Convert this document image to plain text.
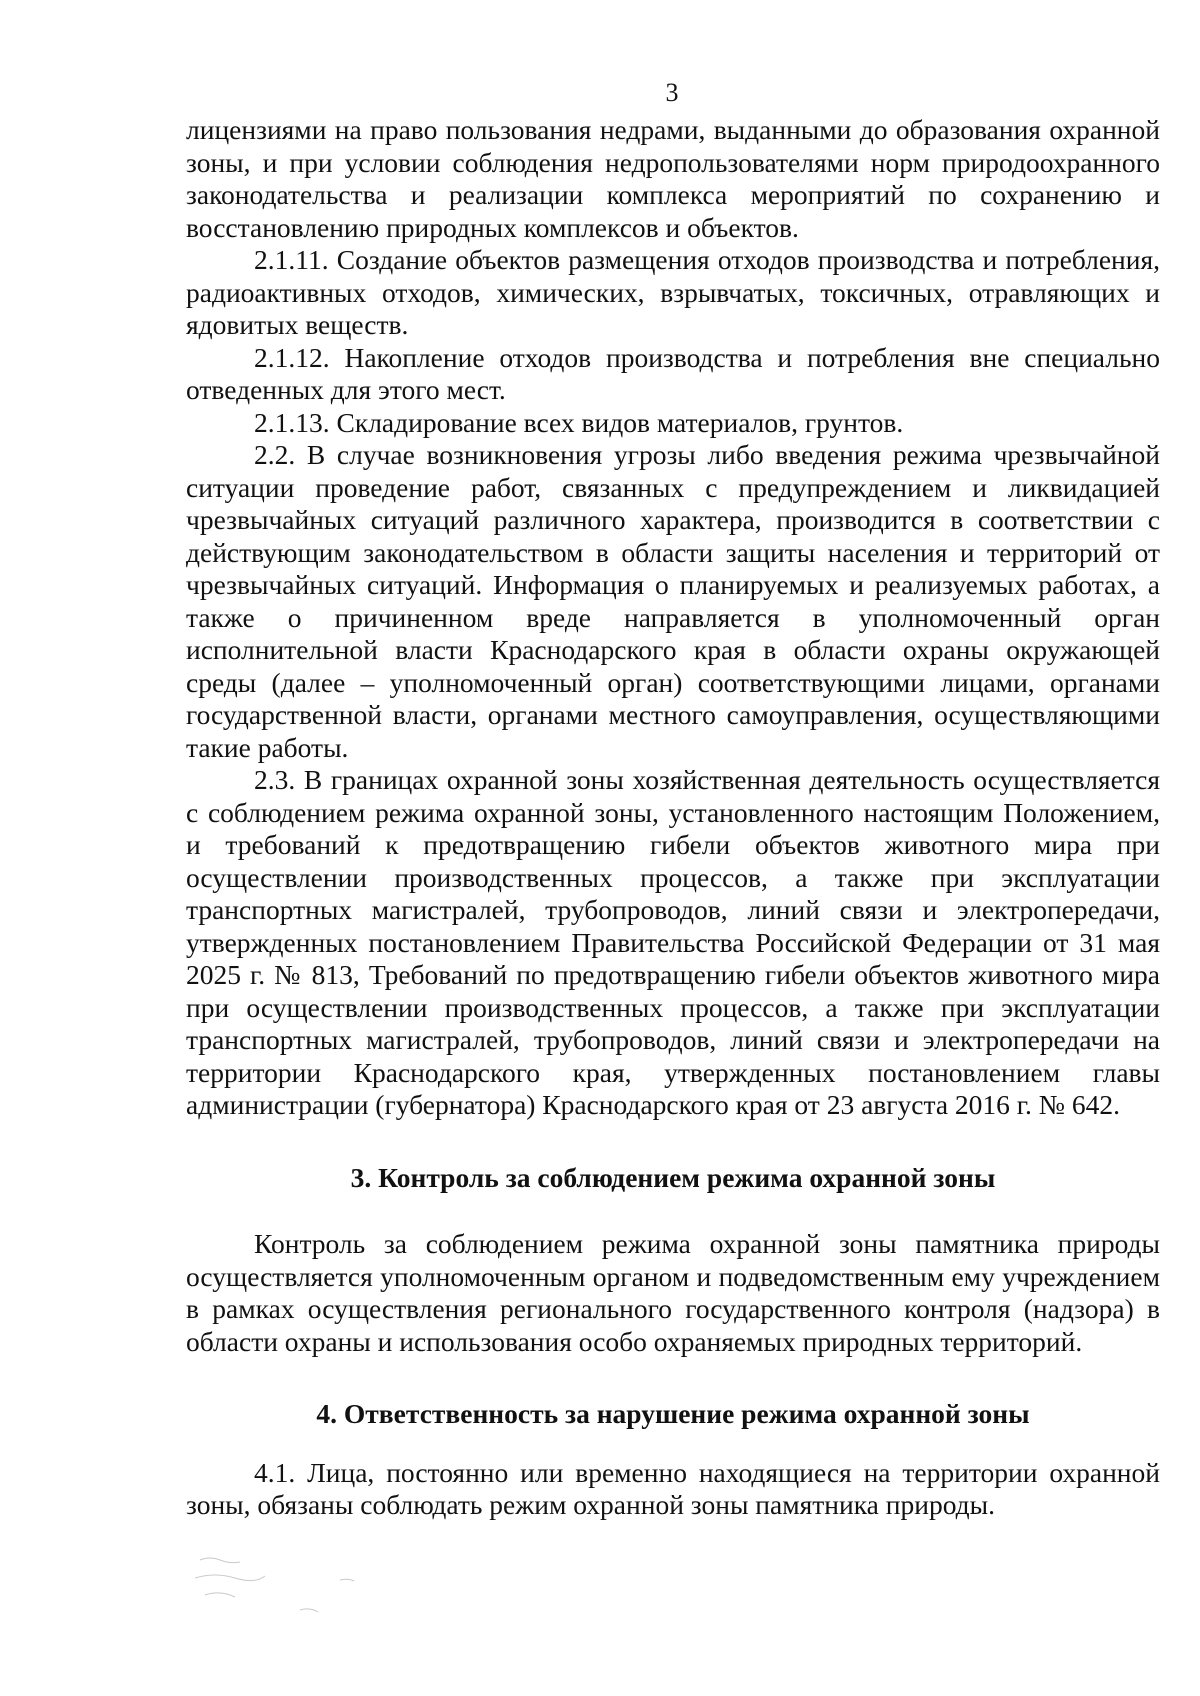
3

лицензиями на право пользования недрами, выданными до образования охранной зоны, и при условии соблюдения недропользователями норм природоохранного законодательства и реализации комплекса мероприятий по сохранению и восстановлению природных комплексов и объектов.

2.1.11. Создание объектов размещения отходов производства и потребления, радиоактивных отходов, химических, взрывчатых, токсичных, отравляющих и ядовитых веществ.

2.1.12. Накопление отходов производства и потребления вне специально отведенных для этого мест.

2.1.13. Складирование всех видов материалов, грунтов.

2.2. В случае возникновения угрозы либо введения режима чрезвычайной ситуации проведение работ, связанных с предупреждением и ликвидацией чрезвычайных ситуаций различного характера, производится в соответствии с действующим законодательством в области защиты населения и территорий от чрезвычайных ситуаций. Информация о планируемых и реализуемых работах, а также о причиненном вреде направляется в уполномоченный орган исполнительной власти Краснодарского края в области охраны окружающей среды (далее – уполномоченный орган) соответствующими лицами, органами государственной власти, органами местного самоуправления, осуществляющими такие работы.

2.3. В границах охранной зоны хозяйственная деятельность осуществляется с соблюдением режима охранной зоны, установленного настоящим Положением, и требований к предотвращению гибели объектов животного мира при осуществлении производственных процессов, а также при эксплуатации транспортных магистралей, трубопроводов, линий связи и электропередачи, утвержденных постановлением Правительства Российской Федерации от 31 мая 2025 г. № 813, Требований по предотвращению гибели объектов животного мира при осуществлении производственных процессов, а также при эксплуатации транспортных магистралей, трубопроводов, линий связи и электропередачи на территории Краснодарского края, утвержденных постановлением главы администрации (губернатора) Краснодарского края от 23 августа 2016 г. № 642.

3. Контроль за соблюдением режима охранной зоны

Контроль за соблюдением режима охранной зоны памятника природы осуществляется уполномоченным органом и подведомственным ему учреждением в рамках осуществления регионального государственного контроля (надзора) в области охраны и использования особо охраняемых природных территорий.

4. Ответственность за нарушение режима охранной зоны

4.1. Лица, постоянно или временно находящиеся на территории охранной зоны, обязаны соблюдать режим охранной зоны памятника природы.
